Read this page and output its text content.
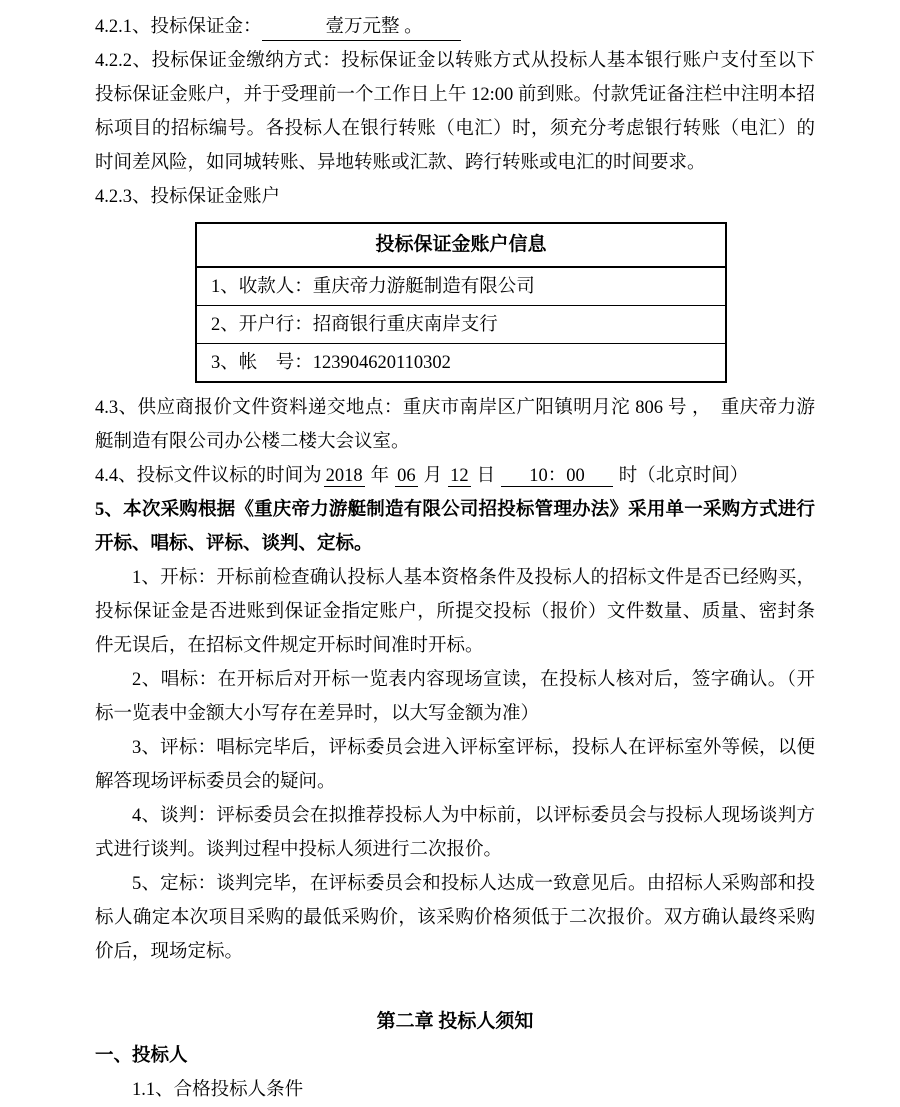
4.2.1、投标保证金：	壹万元整 。

4.2.2、投标保证金缴纳方式：投标保证金以转账方式从投标人基本银行账户支付至以下投标保证金账户，并于受理前一个工作日上午 12:00 前到账。付款凭证备注栏中注明本招标项目的招标编号。各投标人在银行转账（电汇）时，须充分考虑银行转账（电汇）的时间差风险，如同城转账、异地转账或汇款、跨行转账或电汇的时间要求。

4.2.3、投标保证金账户

投标保证金账户信息
1、收款人：重庆帝力游艇制造有限公司
2、开户行：招商银行重庆南岸支行
3、帐　号：123904620110302

4.3、供应商报价文件资料递交地点：重庆市南岸区广阳镇明月沱 806 号 ，　重庆帝力游艇制造有限公司办公楼二楼大会议室。

4.4、投标文件议标的时间为 2018 年 06 月 12 日 10：00 时（北京时间）

5、本次采购根据《重庆帝力游艇制造有限公司招投标管理办法》采用单一采购方式进行开标、唱标、评标、谈判、定标。

1、开标：开标前检查确认投标人基本资格条件及投标人的招标文件是否已经购买，投标保证金是否进账到保证金指定账户，所提交投标（报价）文件数量、质量、密封条件无误后，在招标文件规定开标时间准时开标。

2、唱标：在开标后对开标一览表内容现场宣读，在投标人核对后，签字确认。（开标一览表中金额大小写存在差异时，以大写金额为准）

3、评标：唱标完毕后，评标委员会进入评标室评标，投标人在评标室外等候，以便解答现场评标委员会的疑问。

4、谈判：评标委员会在拟推荐投标人为中标前，以评标委员会与投标人现场谈判方式进行谈判。谈判过程中投标人须进行二次报价。

5、定标：谈判完毕，在评标委员会和投标人达成一致意见后。由招标人采购部和投标人确定本次项目采购的最低采购价，该采购价格须低于二次报价。双方确认最终采购价后，现场定标。

第二章 投标人须知

一、投标人

1.1、合格投标人条件
